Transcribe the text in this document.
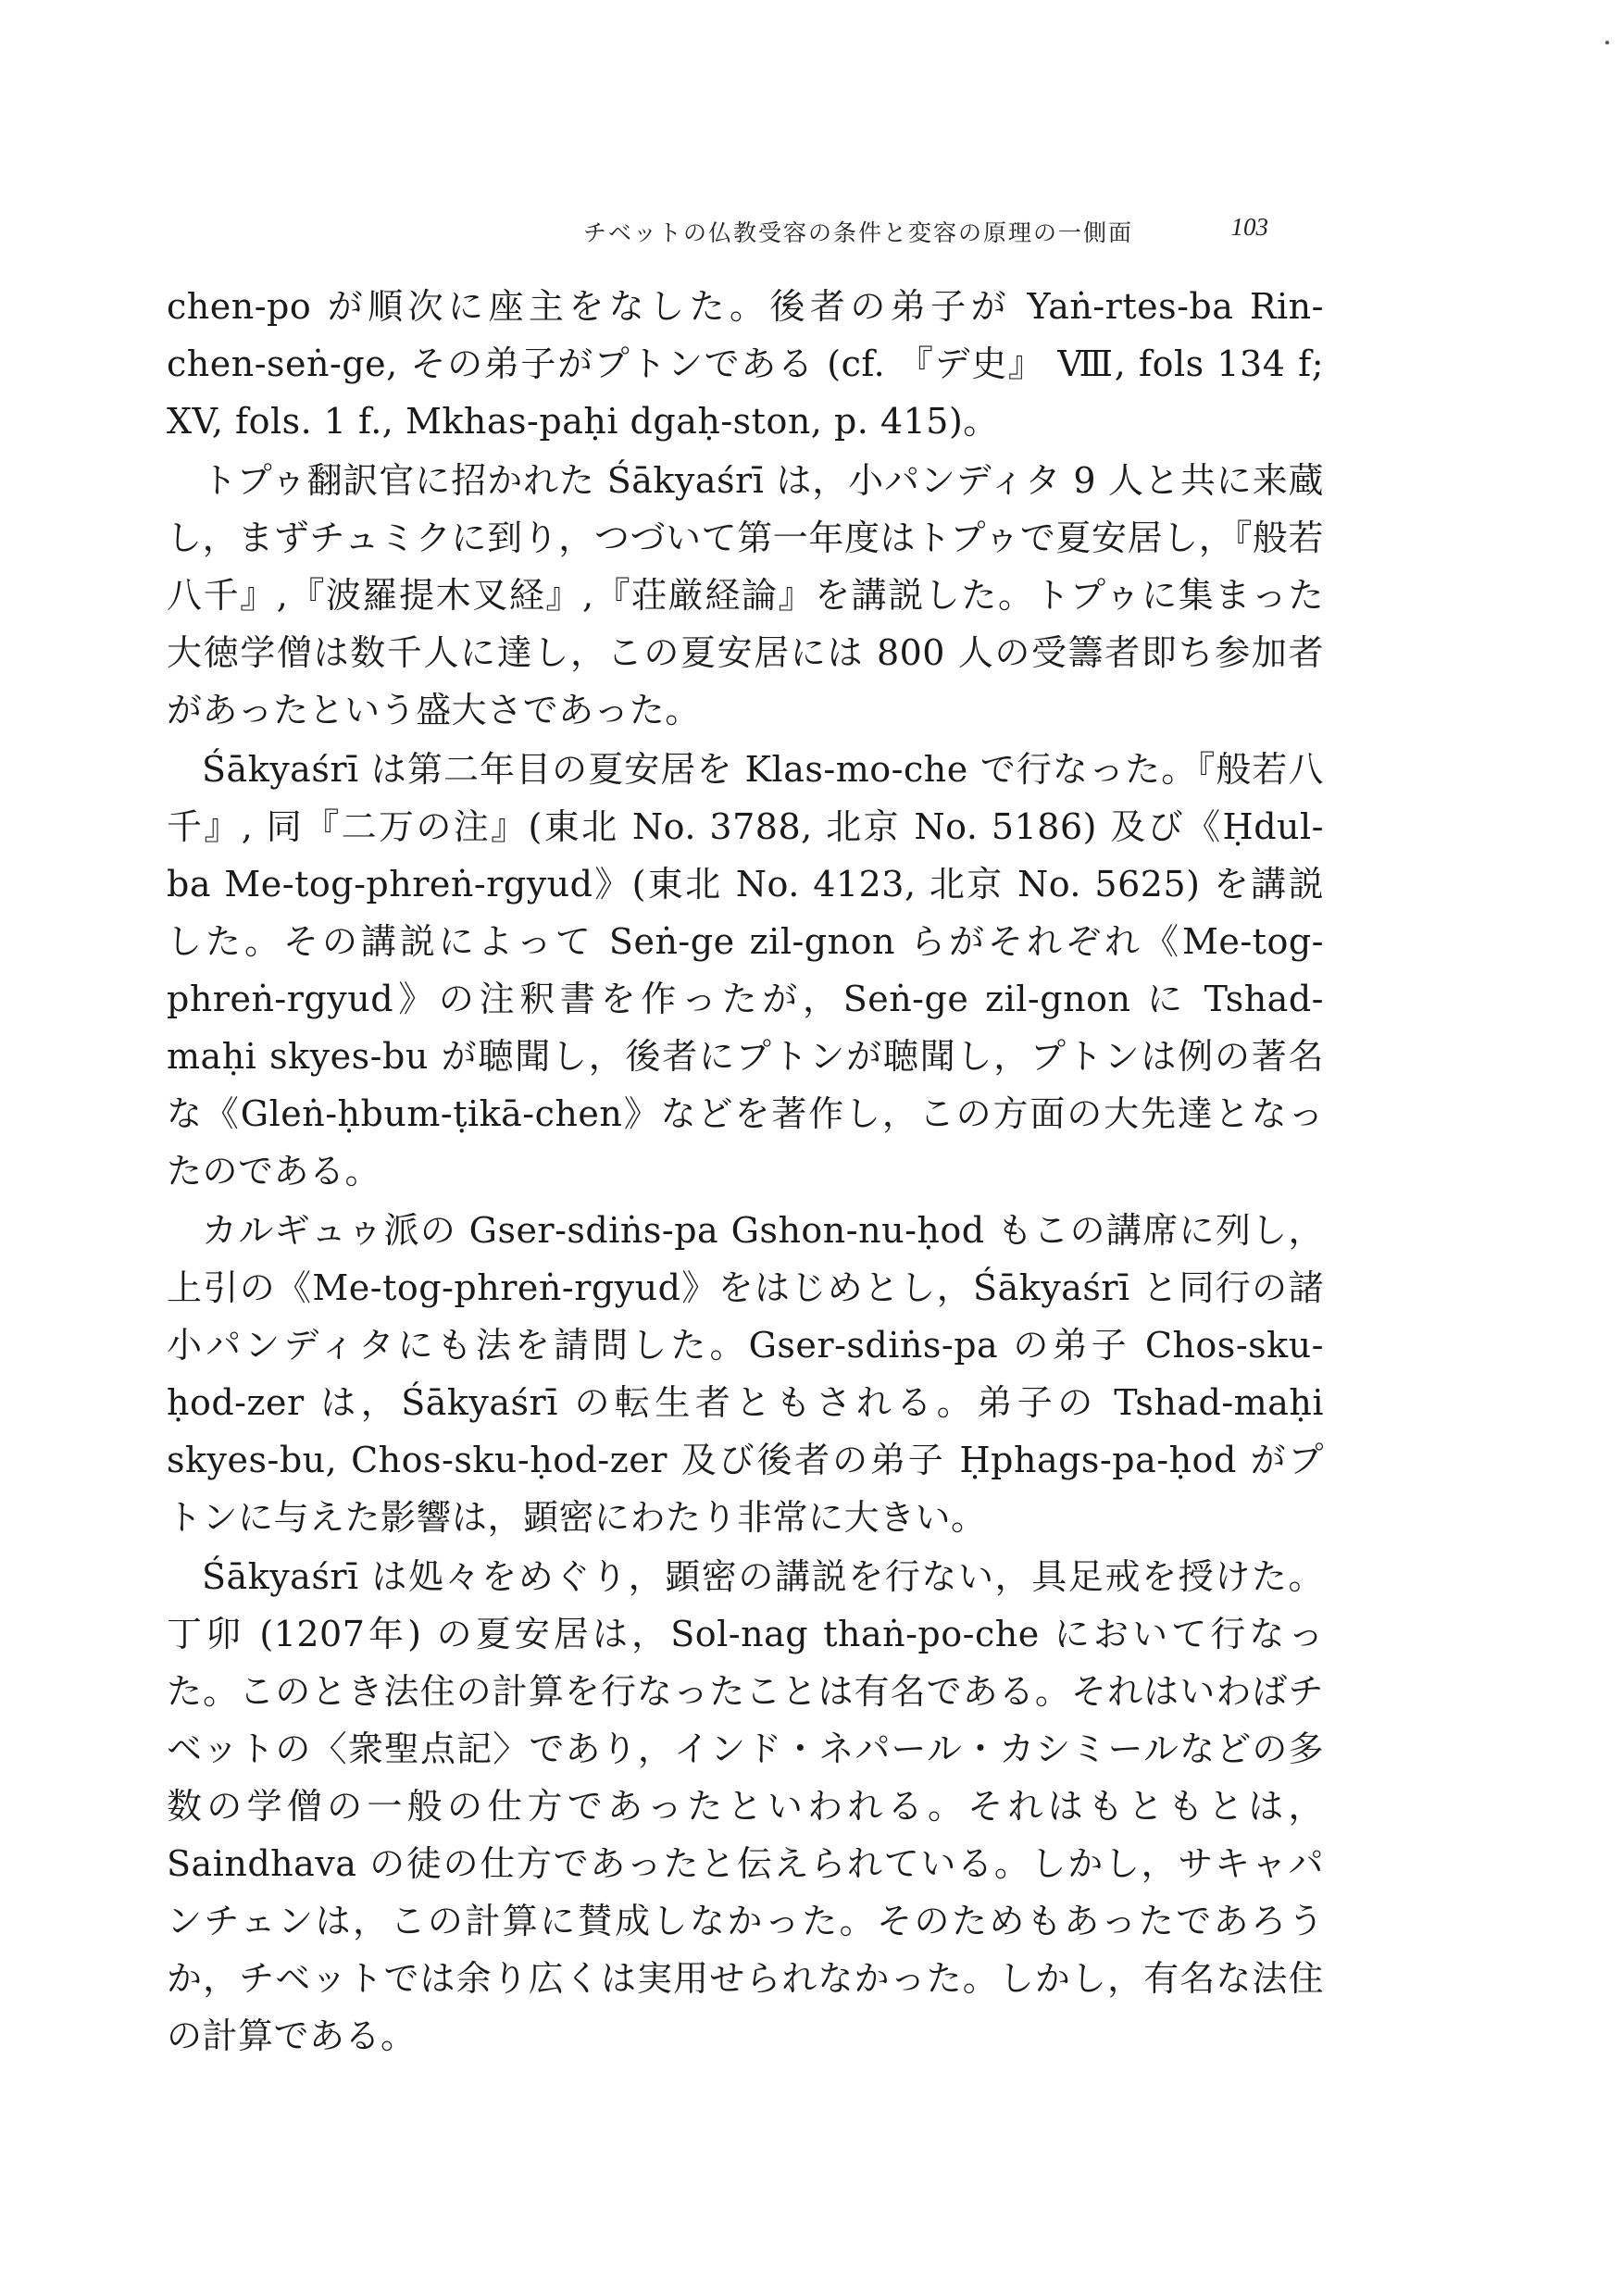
チベットの仏教受容の条件と変容の原理の一側面	103

chen-po が順次に座主をなした。後者の弟子が Yaṅ-rtes-ba Rin-chen-seṅ-ge, その弟子がプトンである (cf. 『デ史』 Ⅷ, fols 134 f; XV, fols. 1 f., Mkhas-paḥi dgaḥ-ston, p. 415)。

トプゥ翻訳官に招かれた Śākyaśrī は，小パンディタ 9 人と共に来蔵し，まずチュミクに到り，つづいて第一年度はトプゥで夏安居し，『般若八千』,『波羅提木叉経』,『荘厳経論』を講説した。トプゥに集まった大徳学僧は数千人に達し，この夏安居には 800 人の受籌者即ち参加者があったという盛大さであった。

Śākyaśrī は第二年目の夏安居を Klas-mo-che で行なった。『般若八千』, 同『二万の注』(東北 No. 3788, 北京 No. 5186) 及び《Ḥdul-ba Me-tog-phreṅ-rgyud》(東北 No. 4123, 北京 No. 5625) を講説した。その講説によって Seṅ-ge zil-gnon らがそれぞれ《Me-tog-phreṅ-rgyud》の注釈書を作ったが，Seṅ-ge zil-gnon に Tshad-maḥi skyes-bu が聴聞し，後者にプトンが聴聞し，プトンは例の著名な《Gleṅ-ḥbum-ṭikā-chen》などを著作し，この方面の大先達となったのである。

カルギュゥ派の Gser-sdiṅs-pa Gshon-nu-ḥod もこの講席に列し，上引の《Me-tog-phreṅ-rgyud》をはじめとし，Śākyaśrī と同行の諸小パンディタにも法を請問した。Gser-sdiṅs-pa の弟子 Chos-sku-ḥod-zer は，Śākyaśrī の転生者ともされる。弟子の Tshad-maḥi skyes-bu, Chos-sku-ḥod-zer 及び後者の弟子 Ḥphags-pa-ḥod がプトンに与えた影響は，顕密にわたり非常に大きい。

Śākyaśrī は処々をめぐり，顕密の講説を行ない，具足戒を授けた。丁卯 (1207年) の夏安居は，Sol-nag thaṅ-po-che において行なった。このとき法住の計算を行なったことは有名である。それはいわばチベットの〈衆聖点記〉であり，インド・ネパール・カシミールなどの多数の学僧の一般の仕方であったといわれる。それはもともとは，Saindhava の徒の仕方であったと伝えられている。しかし，サキャパンチェンは，この計算に賛成しなかった。そのためもあったであろうか，チベットでは余り広くは実用せられなかった。しかし，有名な法住の計算である。
